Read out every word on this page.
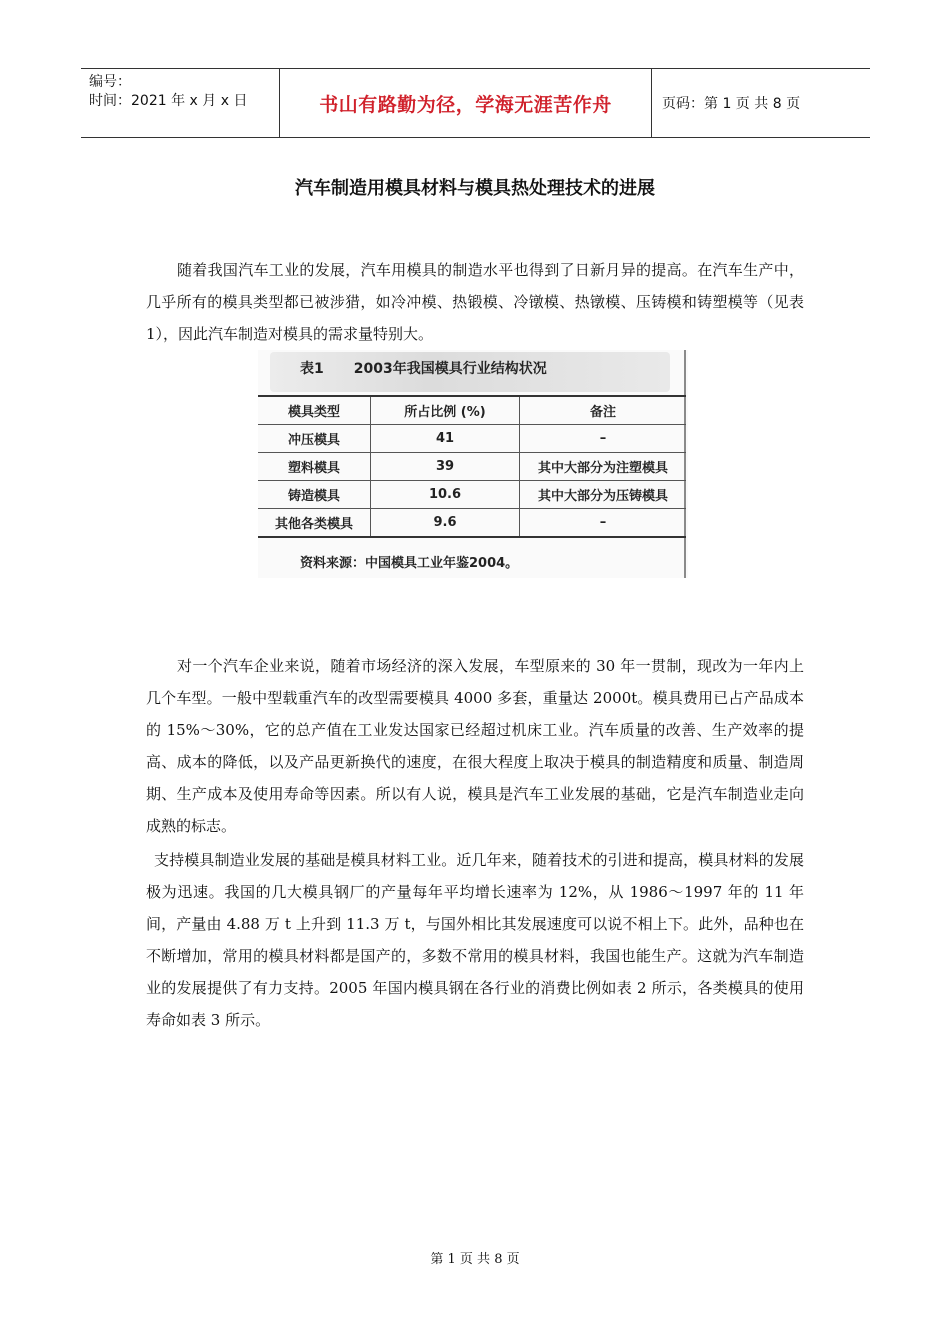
编号：
时间：2021 年 x 月 x 日	书山有路勤为径，学海无涯苦作舟	页码：第 1 页 共 8 页
汽车制造用模具材料与模具热处理技术的进展
随着我国汽车工业的发展，汽车用模具的制造水平也得到了日新月异的提高。在汽车生产中，几乎所有的模具类型都已被涉猎，如冷冲模、热锻模、冷镦模、热镦模、压铸模和铸塑模等（见表 1），因此汽车制造对模具的需求量特别大。
表1 2003年我国模具行业结构状况
模具类型	所占比例 (%)	备注
冲压模具	41	–
塑料模具	39	其中大部分为注塑模具
铸造模具	10.6	其中大部分为压铸模具
其他各类模具	9.6	–
资料来源：中国模具工业年鉴2004。
对一个汽车企业来说，随着市场经济的深入发展，车型原来的 30 年一贯制，现改为一年内上几个车型。一般中型载重汽车的改型需要模具 4000 多套，重量达 2000t。模具费用已占产品成本的 15%～30%，它的总产值在工业发达国家已经超过机床工业。汽车质量的改善、生产效率的提高、成本的降低，以及产品更新换代的速度，在很大程度上取决于模具的制造精度和质量、制造周期、生产成本及使用寿命等因素。所以有人说，模具是汽车工业发展的基础，它是汽车制造业走向成熟的标志。
支持模具制造业发展的基础是模具材料工业。近几年来，随着技术的引进和提高，模具材料的发展极为迅速。我国的几大模具钢厂的产量每年平均增长速率为 12%，从 1986～1997 年的 11 年间，产量由 4.88 万 t 上升到 11.3 万 t，与国外相比其发展速度可以说不相上下。此外，品种也在不断增加，常用的模具材料都是国产的，多数不常用的模具材料，我国也能生产。这就为汽车制造业的发展提供了有力支持。2005 年国内模具钢在各行业的消费比例如表 2 所示，各类模具的使用寿命如表 3 所示。
第 1 页 共 8 页
